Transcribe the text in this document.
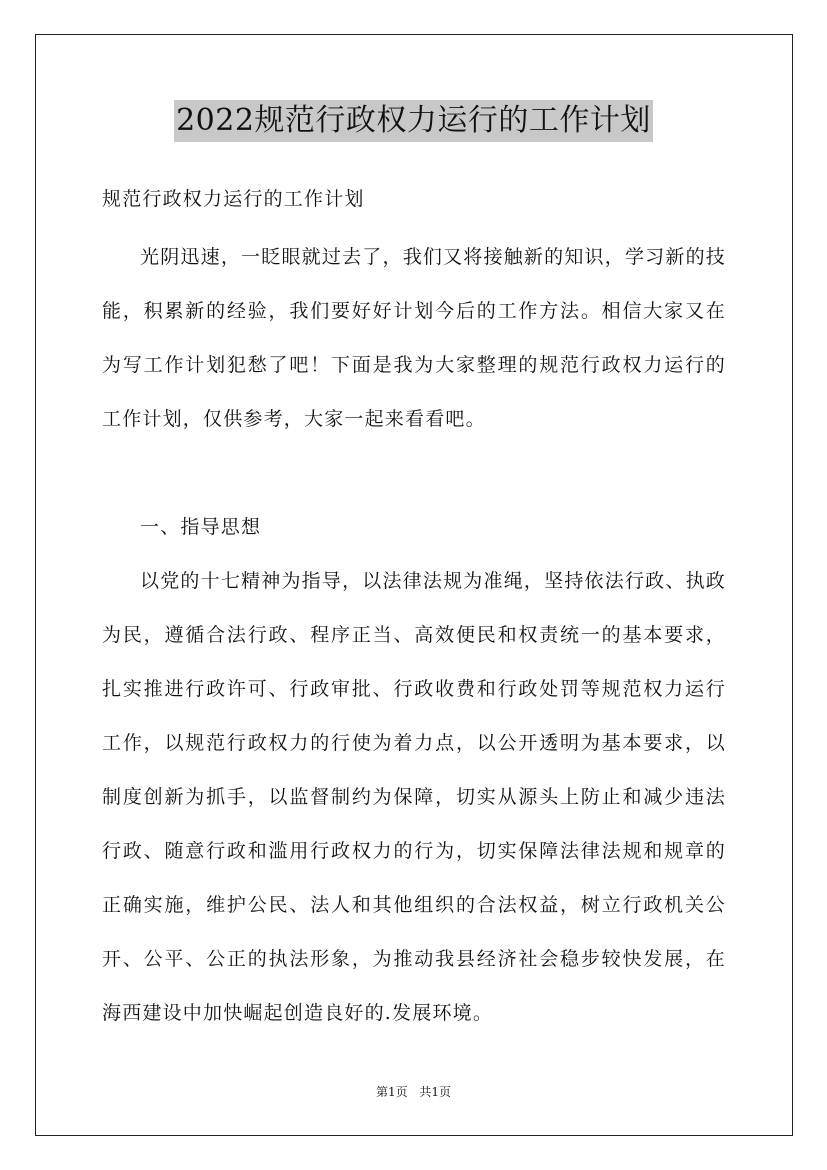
2022规范行政权力运行的工作计划

规范行政权力运行的工作计划

光阴迅速，一眨眼就过去了，我们又将接触新的知识，学习新的技能，积累新的经验，我们要好好计划今后的工作方法。相信大家又在为写工作计划犯愁了吧！下面是我为大家整理的规范行政权力运行的工作计划，仅供参考，大家一起来看看吧。

一、指导思想

以党的十七精神为指导，以法律法规为准绳，坚持依法行政、执政为民，遵循合法行政、程序正当、高效便民和权责统一的基本要求，扎实推进行政许可、行政审批、行政收费和行政处罚等规范权力运行工作，以规范行政权力的行使为着力点，以公开透明为基本要求，以制度创新为抓手，以监督制约为保障，切实从源头上防止和减少违法行政、随意行政和滥用行政权力的行为，切实保障法律法规和规章的正确实施，维护公民、法人和其他组织的合法权益，树立行政机关公开、公平、公正的执法形象，为推动我县经济社会稳步较快发展，在海西建设中加快崛起创造良好的.发展环境。

第1页 共1页
